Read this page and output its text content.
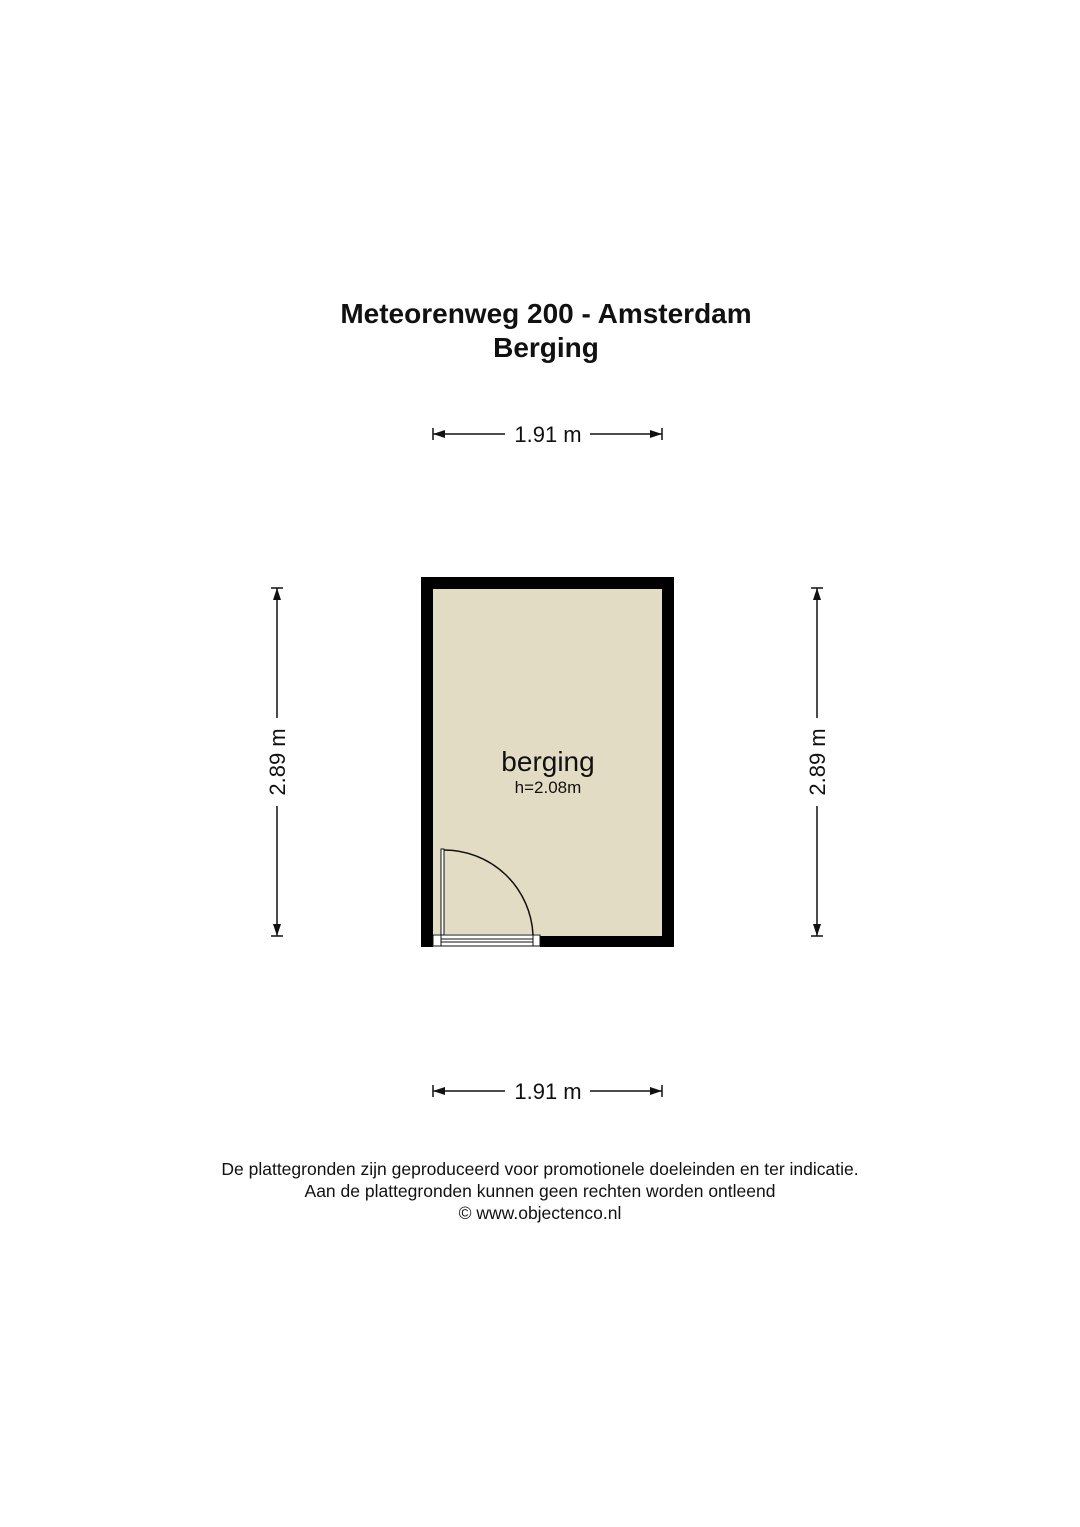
Meteorenweg 200 - Amsterdam
Berging
1.91 m
1.91 m
2.89 m	2.89 m
berging
h=2.08m
De plattegronden zijn geproduceerd voor promotionele doeleinden en ter indicatie.
Aan de plattegronden kunnen geen rechten worden ontleend
© www.objectenco.nl
